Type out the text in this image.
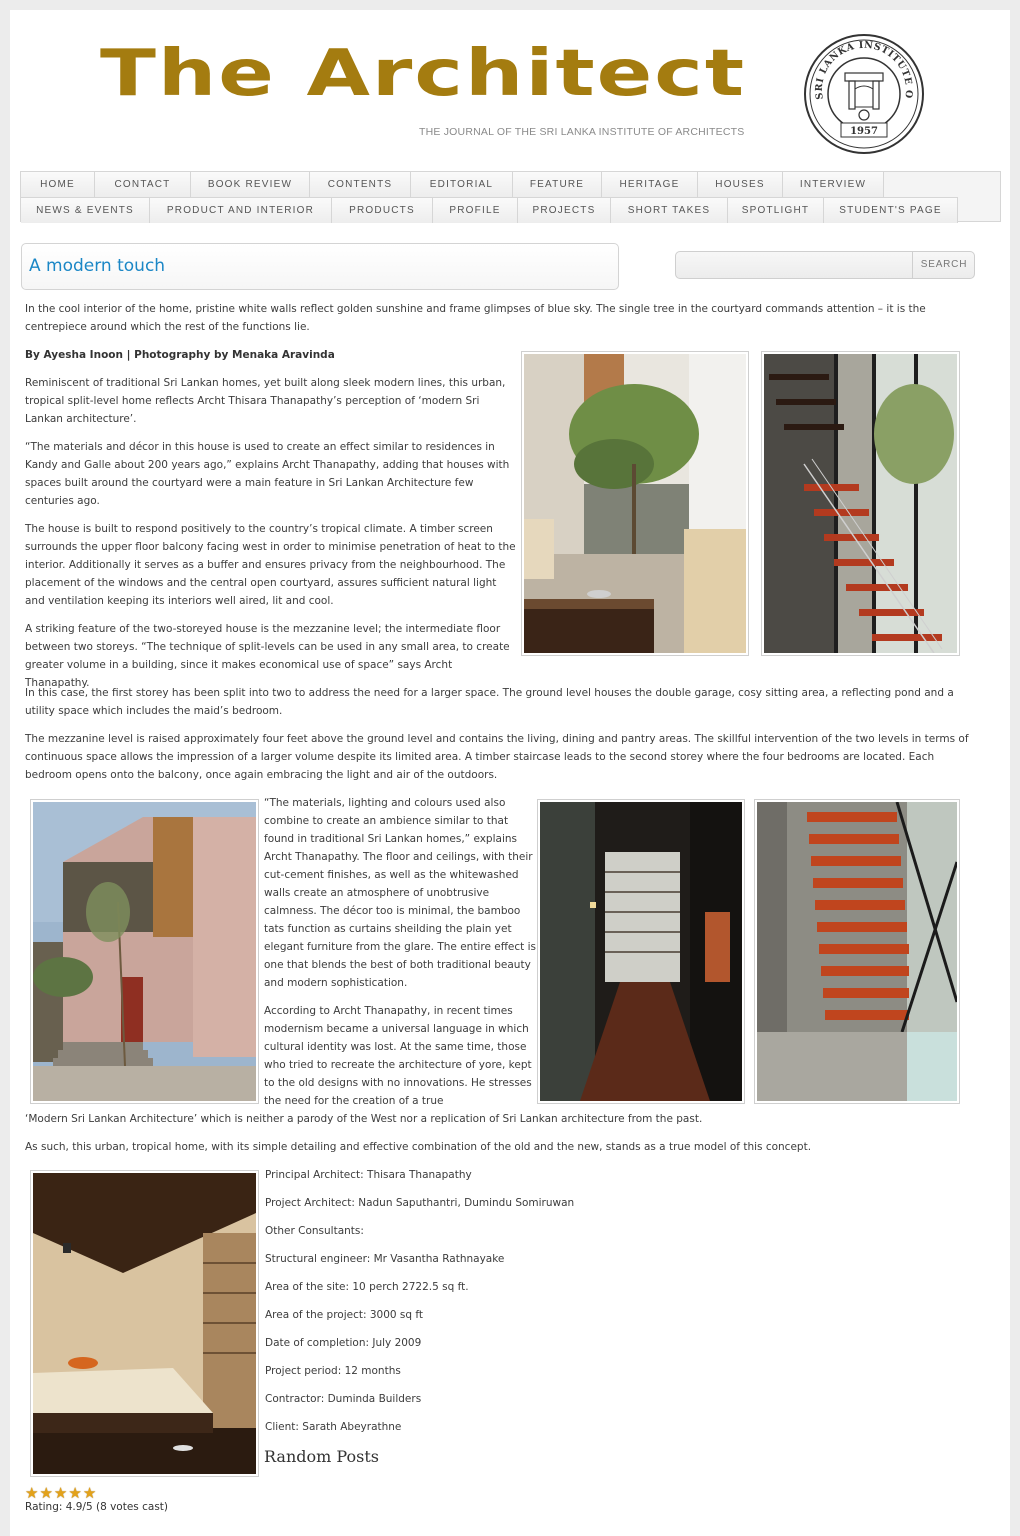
The Architect
THE JOURNAL OF THE SRI LANKA INSTITUTE OF ARCHITECTS
SRI LANKA INSTITUTE O
1957
HOME	CONTACT	BOOK REVIEW	CONTENTS	EDITORIAL	FEATURE	HERITAGE	HOUSES	INTERVIEW
NEWS & EVENTS	PRODUCT AND INTERIOR	PRODUCTS	PROFILE	PROJECTS	SHORT TAKES	SPOTLIGHT	STUDENT'S PAGE
A modern touch	SEARCH
In the cool interior of the home, pristine white walls reflect golden sunshine and frame glimpses of blue sky. The single tree in the courtyard commands attention – it is the centrepiece around which the rest of the functions lie.
By Ayesha Inoon | Photography by Menaka Aravinda
Reminiscent of traditional Sri Lankan homes, yet built along sleek modern lines, this urban, tropical split-level home reflects Archt Thisara Thanapathy’s perception of ‘modern Sri Lankan architecture’.
“The materials and décor in this house is used to create an effect similar to residences in Kandy and Galle about 200 years ago,” explains Archt Thanapathy, adding that houses with spaces built around the courtyard were a main feature in Sri Lankan Architecture few centuries ago.
The house is built to respond positively to the country’s tropical climate. A timber screen surrounds the upper floor balcony facing west in order to minimise penetration of heat to the interior. Additionally it serves as a buffer and ensures privacy from the neighbourhood. The placement of the windows and the central open courtyard, assures sufficient natural light and ventilation keeping its interiors well aired, lit and cool.
A striking feature of the two-storeyed house is the mezzanine level; the intermediate floor between two storeys. “The technique of split-levels can be used in any small area, to create greater volume in a building, since it makes economical use of space” says Archt Thanapathy.
In this case, the first storey has been split into two to address the need for a larger space. The ground level houses the double garage, cosy sitting area, a reflecting pond and a utility space which includes the maid’s bedroom.
The mezzanine level is raised approximately four feet above the ground level and contains the living, dining and pantry areas. The skillful intervention of the two levels in terms of continuous space allows the impression of a larger volume despite its limited area. A timber staircase leads to the second storey where the four bedrooms are located. Each bedroom opens onto the balcony, once again embracing the light and air of the outdoors.
“The materials, lighting and colours used also combine to create an ambience similar to that found in traditional Sri Lankan homes,” explains Archt Thanapathy. The floor and ceilings, with their cut-cement finishes, as well as the whitewashed walls create an atmosphere of unobtrusive calmness. The décor too is minimal, the bamboo tats function as curtains sheilding the plain yet elegant furniture from the glare. The entire effect is one that blends the best of both traditional beauty and modern sophistication.
According to Archt Thanapathy, in recent times modernism became a universal language in which cultural identity was lost. At the same time, those who tried to recreate the architecture of yore, kept to the old designs with no innovations. He stresses the need for the creation of a true
‘Modern Sri Lankan Architecture’ which is neither a parody of the West nor a replication of Sri Lankan architecture from the past.
As such, this urban, tropical home, with its simple detailing and effective combination of the old and the new, stands as a true model of this concept.
Principal Architect: Thisara Thanapathy
Project Architect: Nadun Saputhantri, Dumindu Somiruwan
Other Consultants:
Structural engineer: Mr Vasantha Rathnayake
Area of the site: 10 perch 2722.5 sq ft.
Area of the project: 3000 sq ft
Date of completion: July 2009
Project period: 12 months
Contractor: Duminda Builders
Client: Sarath Abeyrathne
Random Posts
★ ★ ★ ★ ★
Rating: 4.9/5 (8 votes cast)
